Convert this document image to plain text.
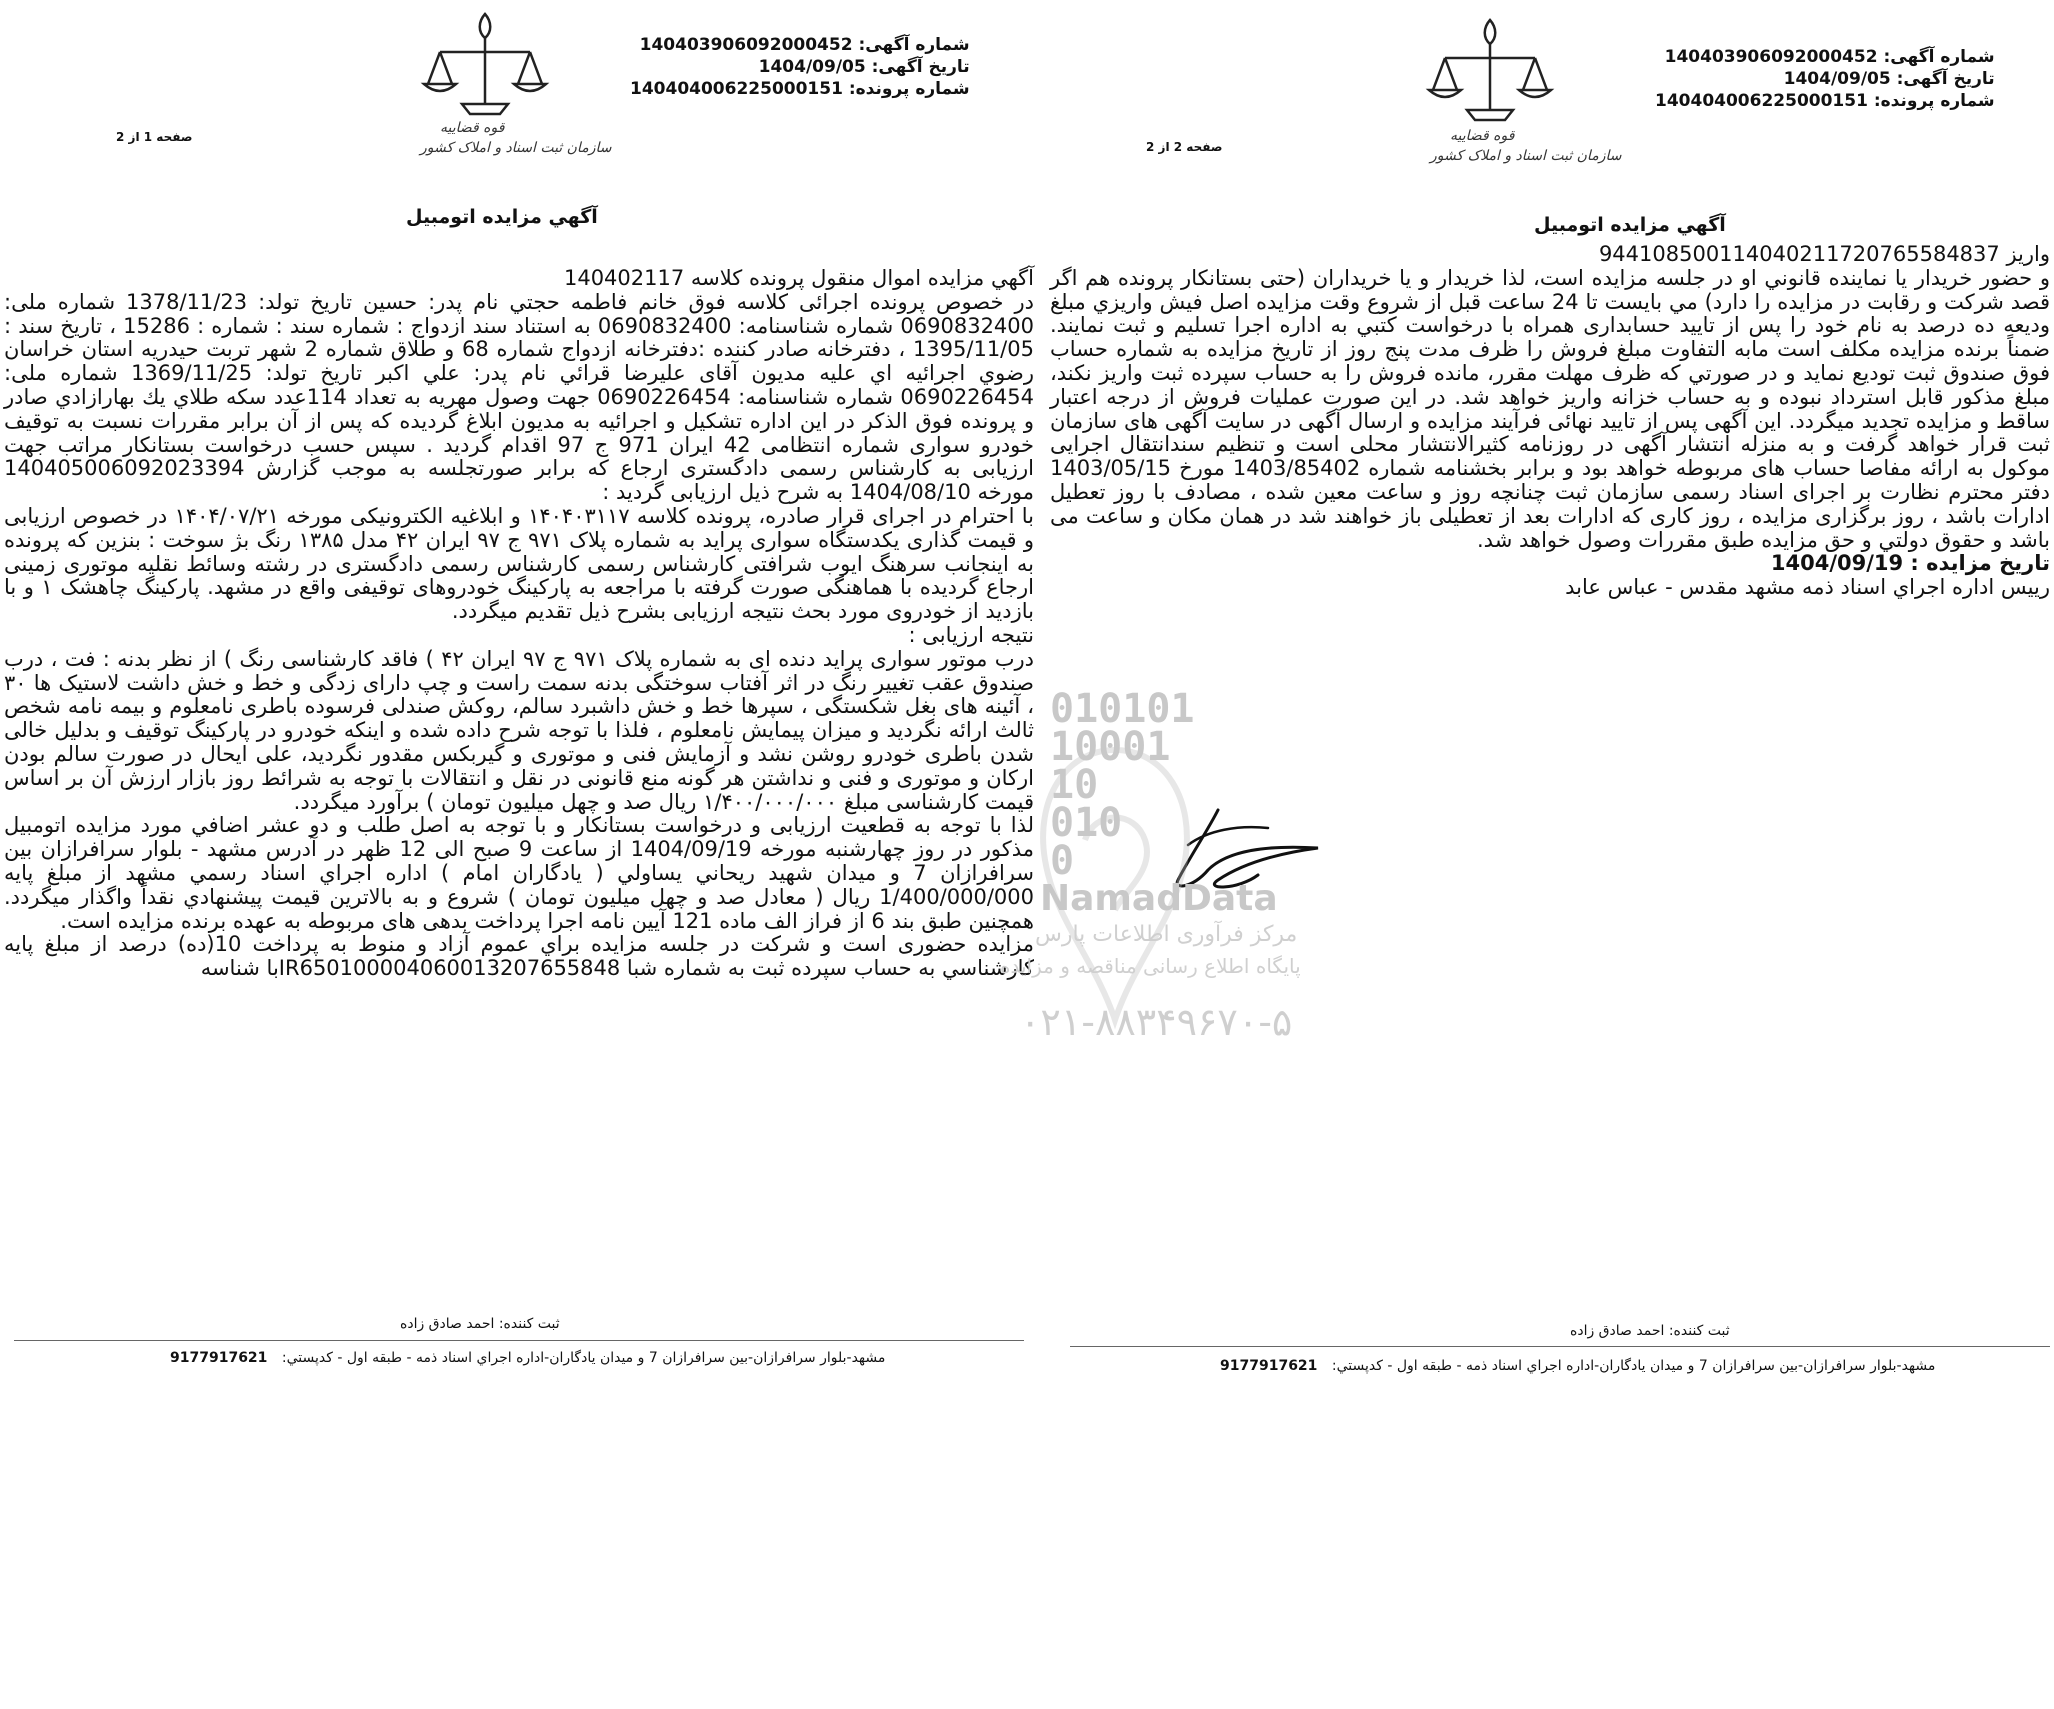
قوه قضاییه
سازمان ثبت اسناد و املاک کشور
شماره آگهی: 140403906092000452
تاریخ آگهی: 1404/09/05
شماره پرونده: 140404006225000151
صفحه 1 از 2
آگهي مزايده اتومبيل

آگهي مزايده اموال منقول پرونده كلاسه 140402117

در خصوص پرونده اجرائی کلاسه فوق خانم فاطمه حجتي نام پدر: حسين تاريخ تولد: 1378/11/23 شماره ملی: 0690832400 شماره شناسنامه: 0690832400 به استناد سند ازدواج : شماره سند : شماره : 15286 ، تاريخ سند : 1395/11/05 ، دفترخانه صادر كننده :دفترخانه ازدواج شماره 68 و طلاق شماره 2 شهر تربت حيدريه استان خراسان رضوي اجرائيه اي عليه مديون آقای عليرضا قرائي نام پدر: علي اكبر تاريخ تولد: 1369/11/25 شماره ملی: 0690226454 شماره شناسنامه: 0690226454 جهت وصول مهريه به تعداد 114عدد سكه طلاي يك بهارازادي صادر و پرونده فوق الذكر در اين اداره تشكيل و اجرائيه به مديون ابلاغ گرديده كه پس از آن برابر مقررات نسبت به توقيف خودرو سواری شماره انتظامی 42 ایران 971 ج 97 اقدام گردید . سپس حسب درخواست بستانكار مراتب جهت ارزيابی به كارشناس رسمی دادگستری ارجاع كه برابر صورتجلسه به موجب گزارش 140405006092023394 مورخه 1404/08/10 به شرح ذيل ارزيابی گرديد :

با احترام در اجرای قرار صادره، پرونده کلاسه ۱۴۰۴۰۳۱۱۷ و ابلاغیه الکترونیکی مورخه ۱۴۰۴/۰۷/۲۱ در خصوص ارزیابی و قیمت گذاری یکدستگاه سواری پراید به شماره پلاک ۹۷۱ ج ۹۷ ایران ۴۲ مدل ۱۳۸۵ رنگ بژ سوخت : بنزین که پرونده به اینجانب سرهنگ ایوب شرافتی کارشناس رسمی کارشناس رسمی دادگستری در رشته وسائط نقلیه موتوری زمینی ارجاع گردیده با هماهنگی صورت گرفته با مراجعه به پارکینگ خودروهای توقیفی واقع در مشهد. پارکینگ چاهشک ۱ و با بازدید از خودروی مورد بحث نتیجه ارزیابی بشرح ذیل تقدیم میگردد.

نتیجه ارزیابی :

درب موتور سواری پراید دنده ای به شماره پلاک ۹۷۱ ج ۹۷ ایران ۴۲ ) فاقد کارشناسی رنگ ) از نظر بدنه : فت ، درب صندوق عقب تغییر رنگ در اثر آفتاب سوختگی بدنه سمت راست و چپ دارای زدگی و خط و خش داشت لاستیک ها ۳۰ ، آئینه های بغل شکستگی ، سپرها خط و خش داشبرد سالم، روکش صندلی فرسوده باطری نامعلوم و بیمه نامه شخص ثالث ارائه نگردید و میزان پیمایش نامعلوم ، فلذا با توجه شرح داده شده و اینکه خودرو در پارکینگ توقیف و بدلیل خالی شدن باطری خودرو روشن نشد و آزمایش فنی و موتوری و گیربکس مقدور نگردید، علی ایحال در صورت سالم بودن ارکان و موتوری و فنی و نداشتن هر گونه منع قانونی در نقل و انتقالات با توجه به شرائط روز بازار ارزش آن بر اساس قیمت کارشناسی مبلغ ۱/۴۰۰/۰۰۰/۰۰۰ ریال صد و چهل میلیون تومان ) برآورد میگردد.

لذا با توجه به قطعیت ارزیابی و درخواست بستانکار و با توجه به اصل طلب و دو عشر اضافي مورد مزايده اتومبیل مذكور در روز چهارشنبه مورخه 1404/09/19 از ساعت 9 صبح الی 12 ظهر در آدرس مشهد - بلوار سرافرازان بين سرافرازان 7 و ميدان شهيد ريحاني يساولي ( يادگاران امام ) اداره اجراي اسناد رسمي مشهد از مبلغ پايه 1/400/000/000 ريال ( معادل صد و چهل میلیون تومان ) شروع و به بالاترين قيمت پيشنهادي نقداً واگذار ميگردد. همچنين طبق بند 6 از فراز الف ماده 121 آيين نامه اجرا پرداخت بدهی های مربوطه به عهده برنده مزایده است.

مزايده حضوری است و شركت در جلسه مزايده براي عموم آزاد و منوط به پرداخت 10(ده) درصد از مبلغ پايه كارشناسي به حساب سپرده ثبت به شماره شبا IR650100004060013207655848با شناسه

ثبت كننده: احمد صادق زاده
مشهد-بلوار سرافرازان-بين سرافرازان 7 و ميدان يادگاران-اداره اجراي اسناد ذمه - طبقه اول - كدپستي: 9177917621
قوه قضاییه
سازمان ثبت اسناد و املاک کشور
شماره آگهی: 140403906092000452
تاریخ آگهی: 1404/09/05
شماره پرونده: 140404006225000151
صفحه 2 از 2
آگهي مزايده اتومبيل

واريز 944108500114040211720765584837

و حضور خريدار يا نماينده قانوني او در جلسه مزايده است، لذا خريدار و يا خريداران (حتی بستانكار پرونده هم اگر قصد شركت و رقابت در مزايده را دارد) مي بايست تا 24 ساعت قبل از شروع وقت مزايده اصل فيش واريزي مبلغ وديعه ده درصد به نام خود را پس از تاييد حسابداری همراه با درخواست كتبي به اداره اجرا تسليم و ثبت نمايند. ضمناً برنده مزايده مكلف است مابه التفاوت مبلغ فروش را ظرف مدت پنج روز از تاريخ مزايده به شماره حساب فوق صندوق ثبت توديع نمايد و در صورتي كه ظرف مهلت مقرر، مانده فروش را به حساب سپرده ثبت واريز نكند، مبلغ مذكور قابل استرداد نبوده و به حساب خزانه واريز خواهد شد. در اين صورت عمليات فروش از درجه اعتبار ساقط و مزايده تجديد ميگردد. این آگهی پس از تایید نهائی فرآیند مزایده و ارسال آگهی در سایت آگهی های سازمان ثبت قرار خواهد گرفت و به منزله انتشار آگهی در روزنامه کثیرالانتشار محلی است و تنظیم سندانتقال اجرایی موکول به ارائه مفاصا حساب های مربوطه خواهد بود و برابر بخشنامه شماره 1403/85402 مورخ 1403/05/15 دفتر محترم نظارت بر اجرای اسناد رسمی سازمان ثبت چنانچه روز و ساعت معین شده ، مصادف با روز تعطیل ادارات باشد ، روز برگزاری مزایده ، روز کاری که ادارات بعد از تعطیلی باز خواهند شد در همان مکان و ساعت می باشد و حقوق دولتي و حق مزايده طبق مقررات وصول خواهد شد.

تاريخ مزايده : 1404/09/19

رييس اداره اجراي اسناد ذمه مشهد مقدس - عباس عابد

ثبت كننده: احمد صادق زاده
مشهد-بلوار سرافرازان-بين سرافرازان 7 و ميدان يادگاران-اداره اجراي اسناد ذمه - طبقه اول - كدپستي: 9177917621
010101
10001
10
010
0
NamadData
مرکز فرآوری اطلاعات پارس
پایگاه اطلاع رسانی مناقصه و مزایده
۰۲۱-۸۸۳۴۹۶۷۰-۵
